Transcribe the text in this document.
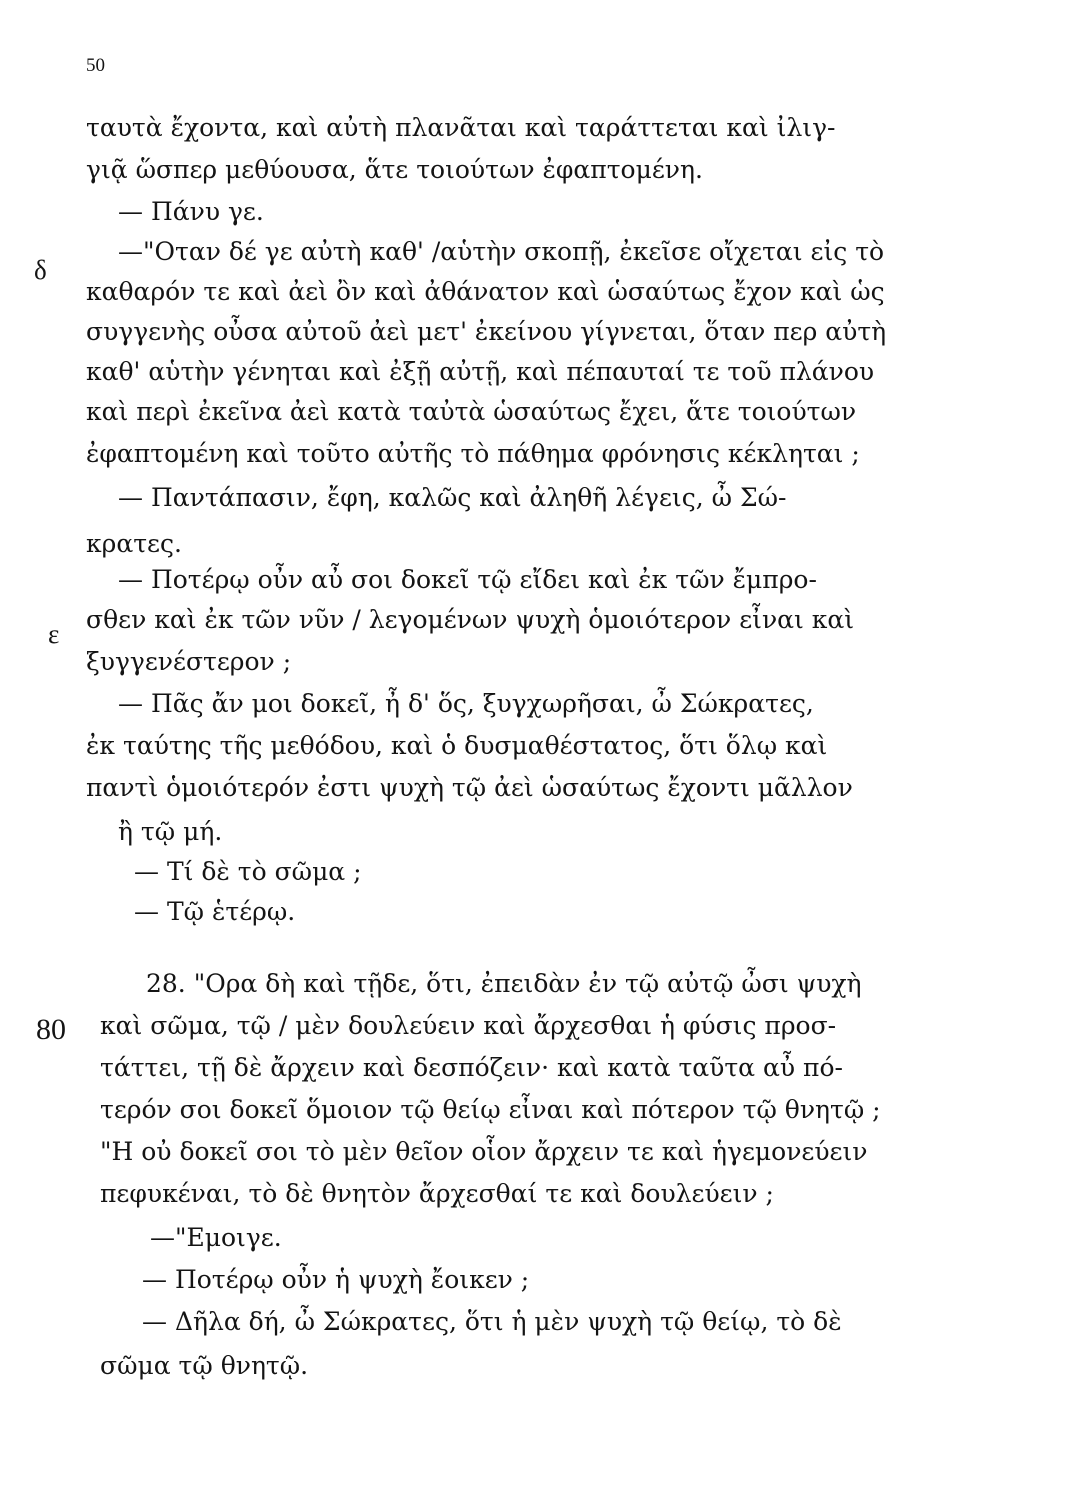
50
δ
ε
80
ταυτὰ ἔχοντα, καὶ αὐτὴ πλανᾶται καὶ ταράττεται καὶ ἰλιγ-
γιᾷ ὥσπερ μεθύουσα, ἅτε τοιούτων ἐφαπτομένη.
— Πάνυ γε.
—"Οταν δέ γε αὐτὴ καθ' /αὑτὴν σκοπῇ, ἐκεῖσε οἴχεται εἰς τὸ
καθαρόν τε καὶ ἀεὶ ὂν καὶ ἀθάνατον καὶ ὡσαύτως ἔχον καὶ ὡς
συγγενὴς οὖσα αὐτοῦ ἀεὶ μετ' ἐκείνου γίγνεται, ὅταν περ αὐτὴ
καθ' αὑτὴν γένηται καὶ ἐξῇ αὐτῇ, καὶ πέπαυταί τε τοῦ πλάνου
καὶ περὶ ἐκεῖνα ἀεὶ κατὰ ταὐτὰ ὡσαύτως ἔχει, ἅτε τοιούτων
ἐφαπτομένη καὶ τοῦτο αὐτῆς τὸ πάθημα φρόνησις κέκληται ;
— Παντάπασιν, ἔφη, καλῶς καὶ ἀληθῆ λέγεις, ὦ Σώ-
κρατες.
— Ποτέρῳ οὖν αὖ σοι δοκεῖ τῷ εἴδει καὶ ἐκ τῶν ἔμπρο-
σθεν καὶ ἐκ τῶν νῦν / λεγομένων ψυχὴ ὁμοιότερον εἶναι καὶ
ξυγγενέστερον ;
— Πᾶς ἄν μοι δοκεῖ, ἦ δ' ὅς, ξυγχωρῆσαι, ὦ Σώκρατες,
ἐκ ταύτης τῆς μεθόδου, καὶ ὁ δυσμαθέστατος, ὅτι ὅλῳ καὶ
παντὶ ὁμοιότερόν ἐστι ψυχὴ τῷ ἀεὶ ὡσαύτως ἔχοντι μᾶλλον
ἢ τῷ μή.
— Τί δὲ τὸ σῶμα ;
— Τῷ ἑτέρῳ.
28. "Ορα δὴ καὶ τῇδε, ὅτι, ἐπειδὰν ἐν τῷ αὐτῷ ὦσι ψυχὴ
καὶ σῶμα, τῷ / μὲν δουλεύειν καὶ ἄρχεσθαι ἡ φύσις προσ-
τάττει, τῇ δὲ ἄρχειν καὶ δεσπόζειν· καὶ κατὰ ταῦτα αὖ πό-
τερόν σοι δοκεῖ ὅμοιον τῷ θείῳ εἶναι καὶ πότερον τῷ θνητῷ ;
"Η οὐ δοκεῖ σοι τὸ μὲν θεῖον οἷον ἄρχειν τε καὶ ἡγεμονεύειν
πεφυκέναι, τὸ δὲ θνητὸν ἄρχεσθαί τε καὶ δουλεύειν ;
—"Εμοιγε.
— Ποτέρῳ οὖν ἡ ψυχὴ ἔοικεν ;
— Δῆλα δή, ὦ Σώκρατες, ὅτι ἡ μὲν ψυχὴ τῷ θείῳ, τὸ δὲ
σῶμα τῷ θνητῷ.
